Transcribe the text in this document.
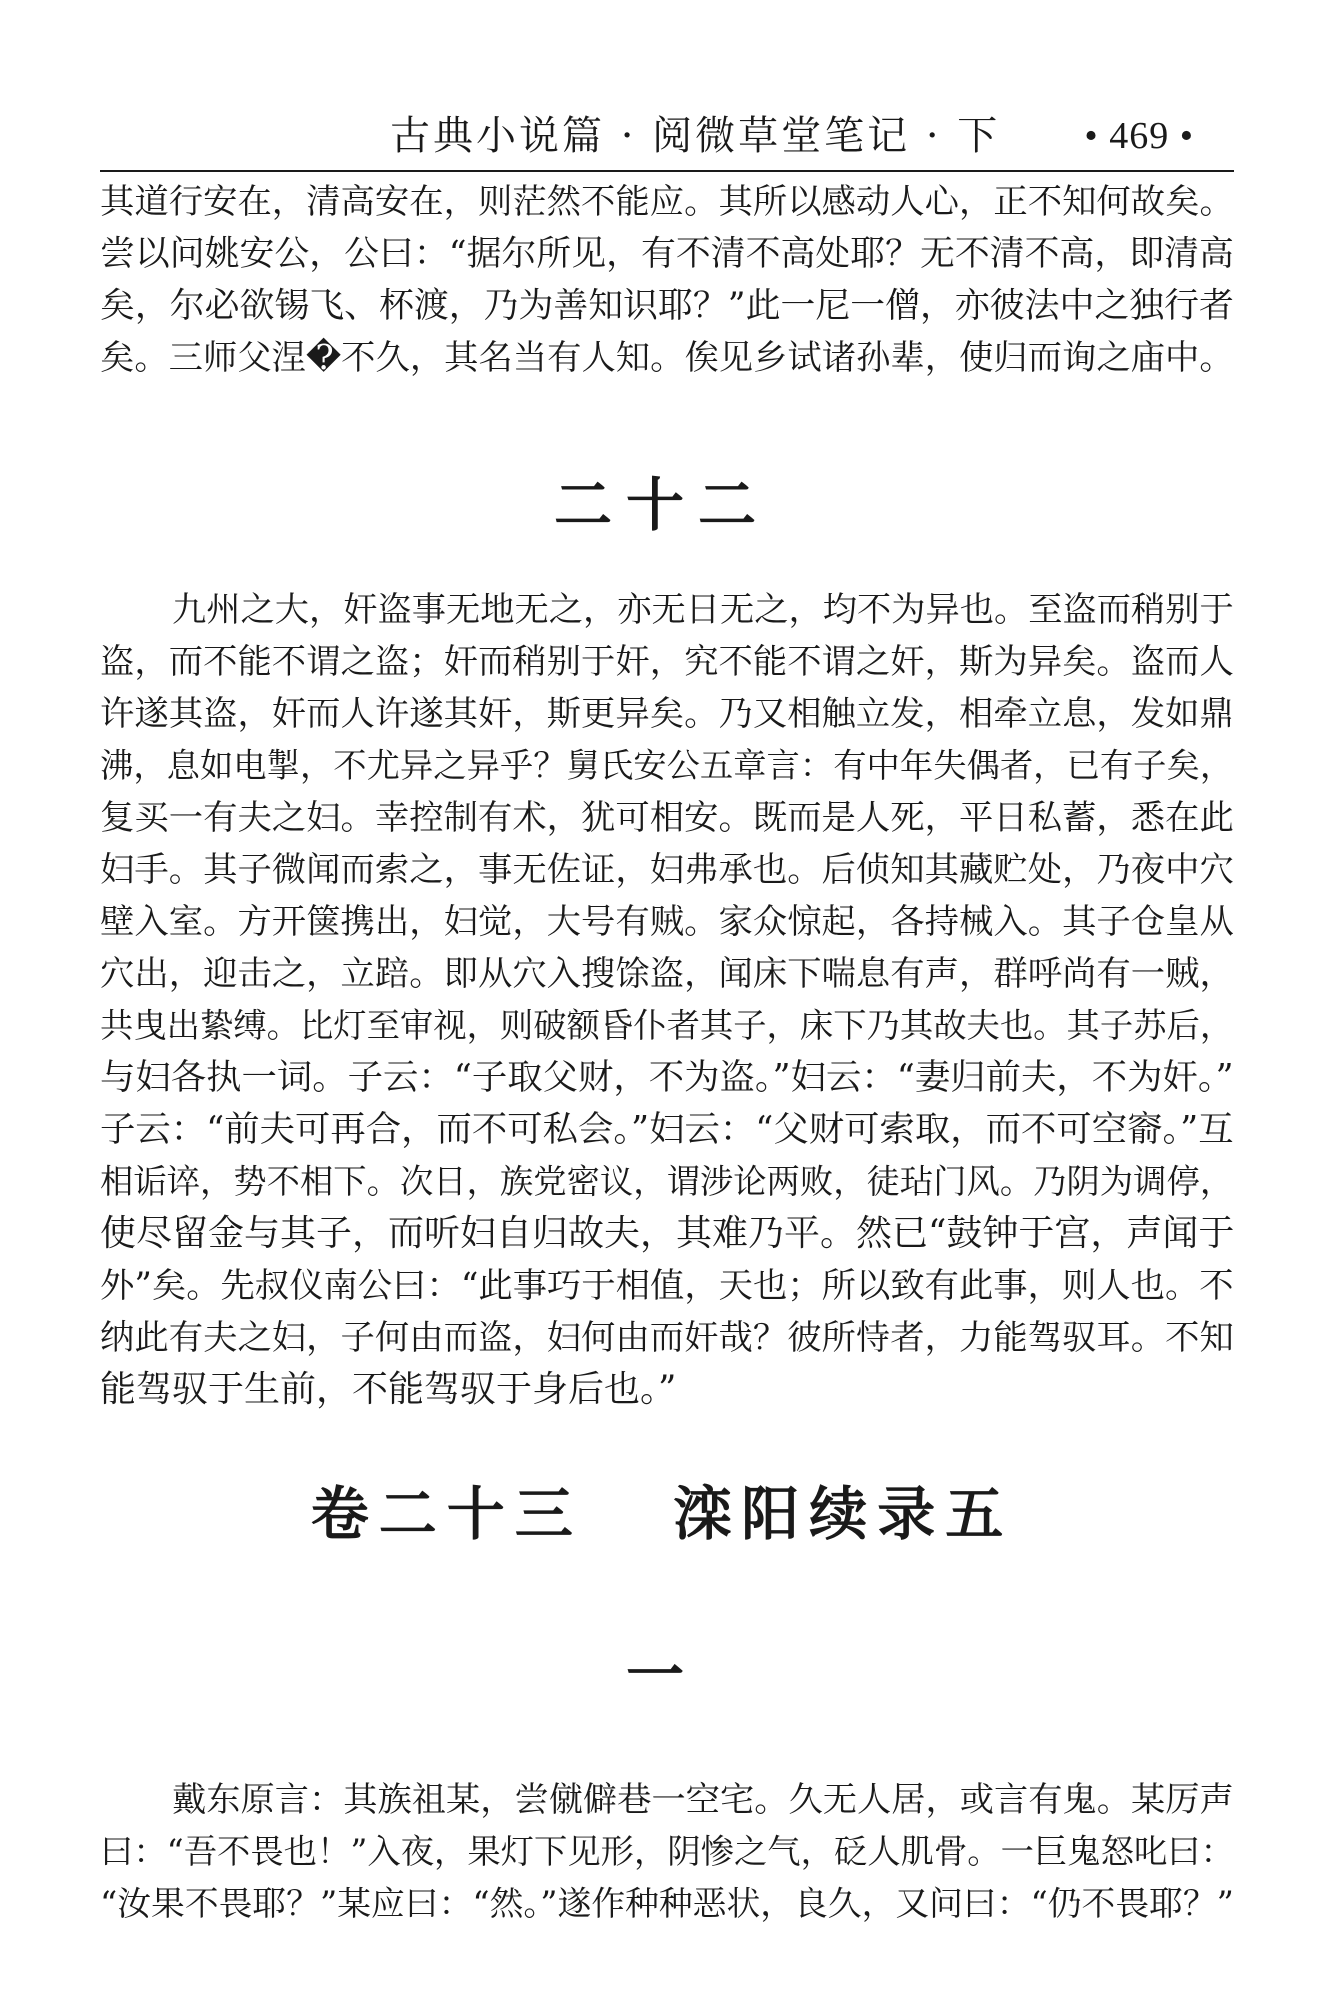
古典小说篇 · 阅微草堂笔记 · 下 • 469 •
其道行安在，清高安在，则茫然不能应。其所以感动人心，正不知何故矣。
尝以问姚安公，公曰：“据尔所见，有不清不高处耶？无不清不高，即清高
矣，尔必欲锡飞、杯渡，乃为善知识耶？”此一尼一僧，亦彼法中之独行者
矣。三师父涅�不久，其名当有人知。俟见乡试诸孙辈，使归而询之庙中。
二十二
九州之大，奸盗事无地无之，亦无日无之，均不为异也。至盗而稍别于
盗，而不能不谓之盗；奸而稍别于奸，究不能不谓之奸，斯为异矣。盗而人
许遂其盗，奸而人许遂其奸，斯更异矣。乃又相触立发，相牵立息，发如鼎
沸，息如电掣，不尤异之异乎？舅氏安公五章言：有中年失偶者，已有子矣，
复买一有夫之妇。幸控制有术，犹可相安。既而是人死，平日私蓄，悉在此
妇手。其子微闻而索之，事无佐证，妇弗承也。后侦知其藏贮处，乃夜中穴
壁入室。方开箧携出，妇觉，大号有贼。家众惊起，各持械入。其子仓皇从
穴出，迎击之，立踣。即从穴入搜馀盗，闻床下喘息有声，群呼尚有一贼，
共曳出絷缚。比灯至审视，则破额昏仆者其子，床下乃其故夫也。其子苏后，
与妇各执一词。子云：“子取父财，不为盗。”妇云：“妻归前夫，不为奸。”
子云：“前夫可再合，而不可私会。”妇云：“父财可索取，而不可空窬。”互
相诟谇，势不相下。次日，族党密议，谓涉论两败，徒玷门风。乃阴为调停，
使尽留金与其子，而听妇自归故夫，其难乃平。然已“鼓钟于宫，声闻于
外”矣。先叔仪南公曰：“此事巧于相值，天也；所以致有此事，则人也。不
纳此有夫之妇，子何由而盗，妇何由而奸哉？彼所恃者，力能驾驭耳。不知
能驾驭于生前，不能驾驭于身后也。”
卷二十三   滦阳续录五
一
戴东原言：其族祖某，尝僦僻巷一空宅。久无人居，或言有鬼。某厉声
曰：“吾不畏也！”入夜，果灯下见形，阴惨之气，砭人肌骨。一巨鬼怒叱曰：
“汝果不畏耶？”某应曰：“然。”遂作种种恶状，良久，又问曰：“仍不畏耶？”
